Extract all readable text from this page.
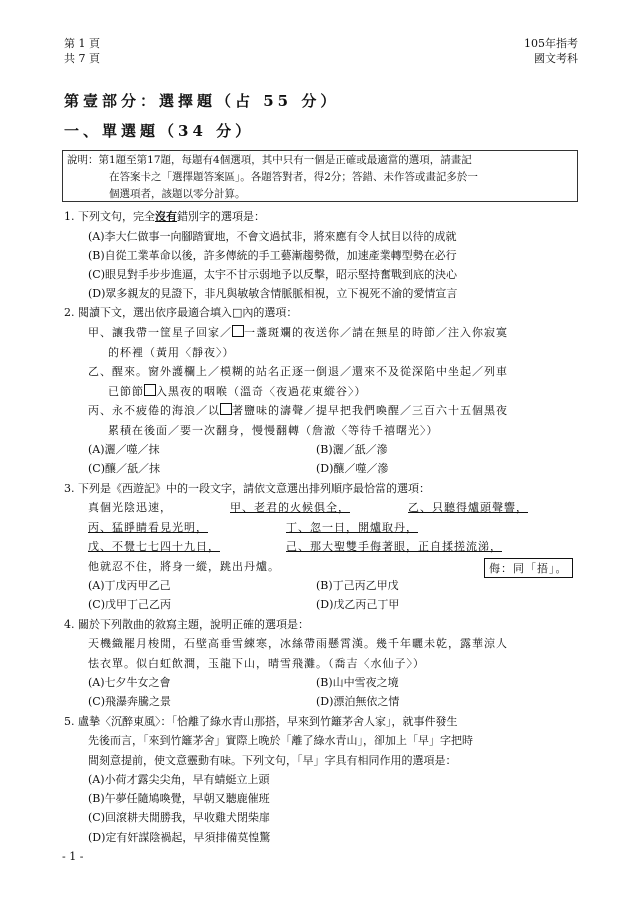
第 1 頁
共 7 頁
105年指考
國文考科
第壹部分：選擇題（占 55 分）
一、單選題（34 分）
說明：第1題至第17題，每題有4個選項，其中只有一個是正確或最適當的選項，請畫記
在答案卡之「選擇題答案區」。各題答對者，得2分；答錯、未作答或畫記多於一
個選項者，該題以零分計算。
1. 下列文句，完全沒有錯別字的選項是：
(A)李大仁做事一向腳踏實地，不會文過拭非，將來應有令人拭目以待的成就
(B)自從工業革命以後，許多傳統的手工藝漸趨勢微，加速產業轉型勢在必行
(C)眼見對手步步進逼，太宇不甘示弱地予以反擊，昭示堅持奮戰到底的決心
(D)眾多親友的見證下，非凡與敏敏含情脈脈相視，立下視死不渝的愛情宣言
2. 閱讀下文，選出依序最適合填入□內的選項：
甲、讓我帶一筐星子回家／ 一盞斑斕的夜送你／請在無星的時節／注入你寂寞
的杯裡（黃用〈靜夜〉）
乙、醒來。窗外護欄上／模糊的站名正逐一倒退／還來不及從深陷中坐起／列車
已節節 入黑夜的咽喉（溫奇〈夜過花東縱谷〉）
丙、永不疲倦的海浪／以 著鹽味的濤聲／提早把我們喚醒／三百六十五個黑夜
累積在後面／要一次翻身，慢慢翻轉（詹澈〈等待千禧曙光〉）
(A)灑／噬／抹	(B)灑／舐／滲
(C)釀／舐／抹	(D)釀／噬／滲
3. 下列是《西遊記》中的一段文字，請依文意選出排列順序最恰當的選項：
真個光陰迅速，	甲、老君的火候俱全，	乙、只聽得爐頭聲響，
丙、猛睜睛看見光明，	丁、忽一日，開爐取丹，
戊、不覺七七四十九日，	己、那大聖雙手侮著眼，正自揉搓流涕，
他就忍不住，將身一縱，跳出丹爐。	侮：同「捂」。
(A)丁戊丙甲乙己	(B)丁己丙乙甲戊
(C)戊甲丁己乙丙	(D)戊乙丙己丁甲
4. 關於下列散曲的敘寫主題，說明正確的選項是：
天機織罷月梭閒，石壁高垂雪練寒，冰絲帶雨懸霄漢。幾千年曬未乾，露華涼人
怯衣單。似白虹飲澗，玉龍下山，晴雪飛灘。（喬吉〈水仙子〉）
(A)七夕牛女之會	(B)山中雪夜之境
(C)飛瀑奔騰之景	(D)漂泊無依之情
5. 盧摯〈沉醉東風〉：「恰離了綠水青山那搭，早來到竹籬茅舍人家」，就事件發生
先後而言，「來到竹籬茅舍」實際上晚於「離了綠水青山」，卻加上「早」字把時
間刻意提前，使文意靈動有味。下列文句，「早」字具有相同作用的選項是：
(A)小荷才露尖尖角，早有蜻蜓立上頭
(B)午夢任隨鳩喚覺，早朝又聽鹿催班
(C)回滾耕夫閒勝我，早收雞犬閉柴扉
(D)定有奸謀陰禍起，早須排備莫惶驚
- 1 -
